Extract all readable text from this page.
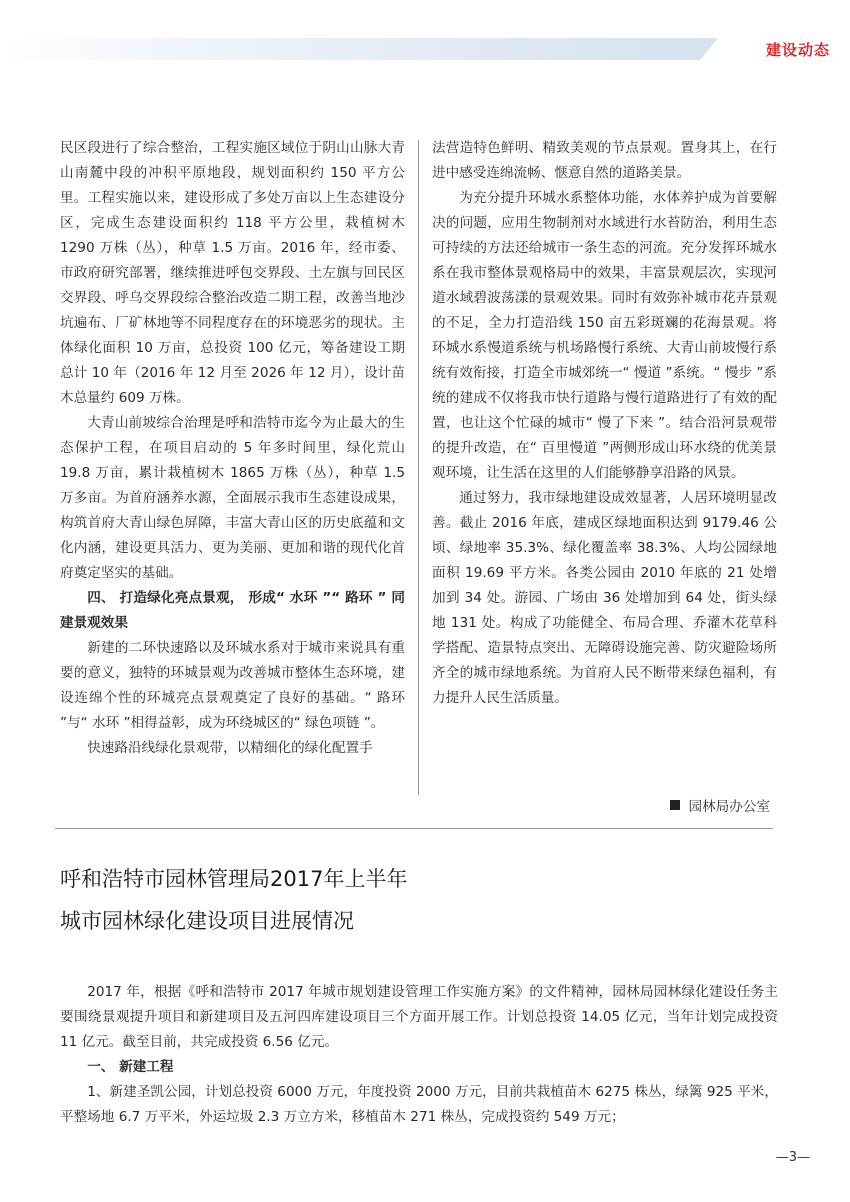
建设动态

民区段进行了综合整治，工程实施区域位于阴山山脉大青山南麓中段的冲积平原地段，规划面积约 150 平方公里。工程实施以来，建设形成了多处万亩以上生态建设分区，完成生态建设面积约 118 平方公里，栽植树木 1290 万株（丛），种草 1.5 万亩。2016 年，经市委、市政府研究部署，继续推进呼包交界段、土左旗与回民区交界段、呼乌交界段综合整治改造二期工程，改善当地沙坑遍布、厂矿林地等不同程度存在的环境恶劣的现状。主体绿化面积 10 万亩，总投资 100 亿元，筹备建设工期总计 10 年（2016 年 12 月至 2026 年 12 月），设计苗木总量约 609 万株。

大青山前坡综合治理是呼和浩特市迄今为止最大的生态保护工程，在项目启动的 5 年多时间里，绿化荒山 19.8 万亩，累计栽植树木 1865 万株（丛），种草 1.5 万多亩。为首府涵养水源，全面展示我市生态建设成果，构筑首府大青山绿色屏障，丰富大青山区的历史底蕴和文化内涵，建设更具活力、更为美丽、更加和谐的现代化首府奠定坚实的基础。

四、 打造绿化亮点景观， 形成“ 水环 ”“ 路环 ” 同建景观效果

新建的二环快速路以及环城水系对于城市来说具有重要的意义，独特的环城景观为改善城市整体生态环境，建设连绵个性的环城亮点景观奠定了良好的基础。“ 路环 ”与“ 水环 ”相得益彰，成为环绕城区的“ 绿色项链 ”。

快速路沿线绿化景观带，以精细化的绿化配置手

法营造特色鲜明、精致美观的节点景观。置身其上，在行进中感受连绵流畅、惬意自然的道路美景。

为充分提升环城水系整体功能，水体养护成为首要解决的问题，应用生物制剂对水域进行水苔防治，利用生态可持续的方法还给城市一条生态的河流。充分发挥环城水系在我市整体景观格局中的效果，丰富景观层次，实现河道水域碧波荡漾的景观效果。同时有效弥补城市花卉景观的不足，全力打造沿线 150 亩五彩斑斓的花海景观。将环城水系慢道系统与机场路慢行系统、大青山前坡慢行系统有效衔接，打造全市城郊统一“ 慢道 ”系统。“ 慢步 ”系统的建成不仅将我市快行道路与慢行道路进行了有效的配置，也让这个忙碌的城市“ 慢了下来 ”。结合沿河景观带的提升改造，在“ 百里慢道 ”两侧形成山环水绕的优美景观环境，让生活在这里的人们能够静享沿路的风景。

通过努力，我市绿地建设成效显著，人居环境明显改善。截止 2016 年底，建成区绿地面积达到 9179.46 公顷、绿地率 35.3%、绿化覆盖率 38.3%、人均公园绿地面积 19.69 平方米。各类公园由 2010 年底的 21 处增加到 34 处。游园、广场由 36 处增加到 64 处，街头绿地 131 处。构成了功能健全、布局合理、乔灌木花草科学搭配、造景特点突出、无障碍设施完善、防灾避险场所齐全的城市绿地系统。为首府人民不断带来绿色福利，有力提升人民生活质量。

园林局办公室
呼和浩特市园林管理局2017年上半年
城市园林绿化建设项目进展情况

2017 年，根据《呼和浩特市 2017 年城市规划建设管理工作实施方案》的文件精神，园林局园林绿化建设任务主要围绕景观提升项目和新建项目及五河四库建设项目三个方面开展工作。计划总投资 14.05 亿元，当年计划完成投资 11 亿元。截至目前，共完成投资 6.56 亿元。

一、 新建工程

1、新建圣凯公园，计划总投资 6000 万元，年度投资 2000 万元，目前共栽植苗木 6275 株丛，绿篱 925 平米，平整场地 6.7 万平米，外运垃圾 2.3 万立方米，移植苗木 271 株丛，完成投资约 549 万元；

—3—
